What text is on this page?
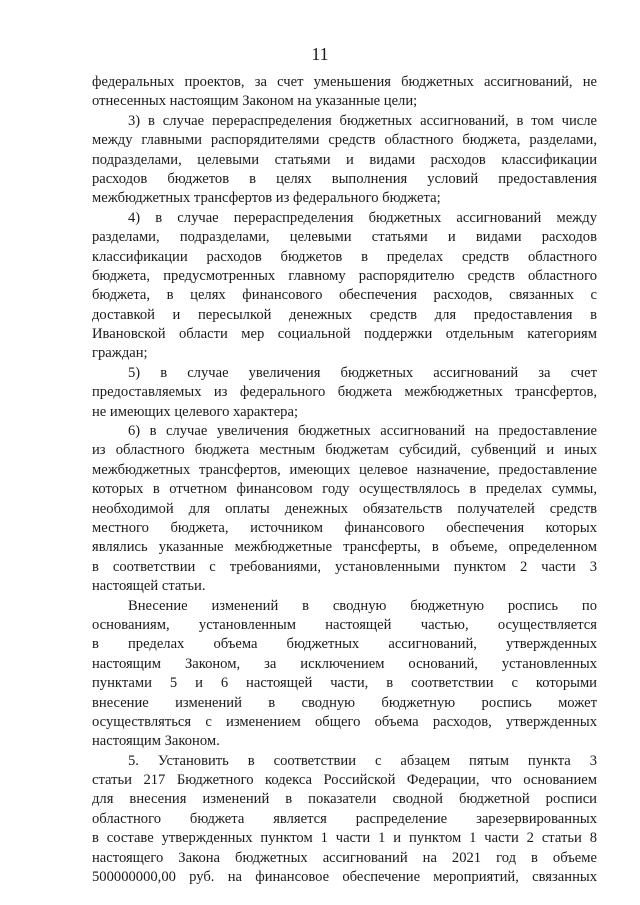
11
федеральных проектов, за счет уменьшения бюджетных ассигнований, не
отнесенных настоящим Законом на указанные цели;
3) в случае перераспределения бюджетных ассигнований, в том числе
между главными распорядителями средств областного бюджета, разделами,
подразделами, целевыми статьями и видами расходов классификации
расходов бюджетов в целях выполнения условий предоставления
межбюджетных трансфертов из федерального бюджета;
4) в случае перераспределения бюджетных ассигнований между
разделами, подразделами, целевыми статьями и видами расходов
классификации расходов бюджетов в пределах средств областного
бюджета, предусмотренных главному распорядителю средств областного
бюджета, в целях финансового обеспечения расходов, связанных с
доставкой и пересылкой денежных средств для предоставления в
Ивановской области мер социальной поддержки отдельным категориям
граждан;
5) в случае увеличения бюджетных ассигнований за счет
предоставляемых из федерального бюджета межбюджетных трансфертов,
не имеющих целевого характера;
6) в случае увеличения бюджетных ассигнований на предоставление
из областного бюджета местным бюджетам субсидий, субвенций и иных
межбюджетных трансфертов, имеющих целевое назначение, предоставление
которых в отчетном финансовом году осуществлялось в пределах суммы,
необходимой для оплаты денежных обязательств получателей средств
местного бюджета, источником финансового обеспечения которых
являлись указанные межбюджетные трансферты, в объеме, определенном
в соответствии с требованиями, установленными пунктом 2 части 3
настоящей статьи.
Внесение изменений в сводную бюджетную роспись по
основаниям, установленным настоящей частью, осуществляется
в пределах объема бюджетных ассигнований, утвержденных
настоящим Законом, за исключением оснований, установленных
пунктами 5 и 6 настоящей части, в соответствии с которыми
внесение изменений в сводную бюджетную роспись может
осуществляться с изменением общего объема расходов, утвержденных
настоящим Законом.
5. Установить в соответствии с абзацем пятым пункта 3
статьи 217 Бюджетного кодекса Российской Федерации, что основанием
для внесения изменений в показатели сводной бюджетной росписи
областного бюджета является распределение зарезервированных
в составе утвержденных пунктом 1 части 1 и пунктом 1 части 2 статьи 8
настоящего Закона бюджетных ассигнований на 2021 год в объеме
500000000,00 руб. на финансовое обеспечение мероприятий, связанных
